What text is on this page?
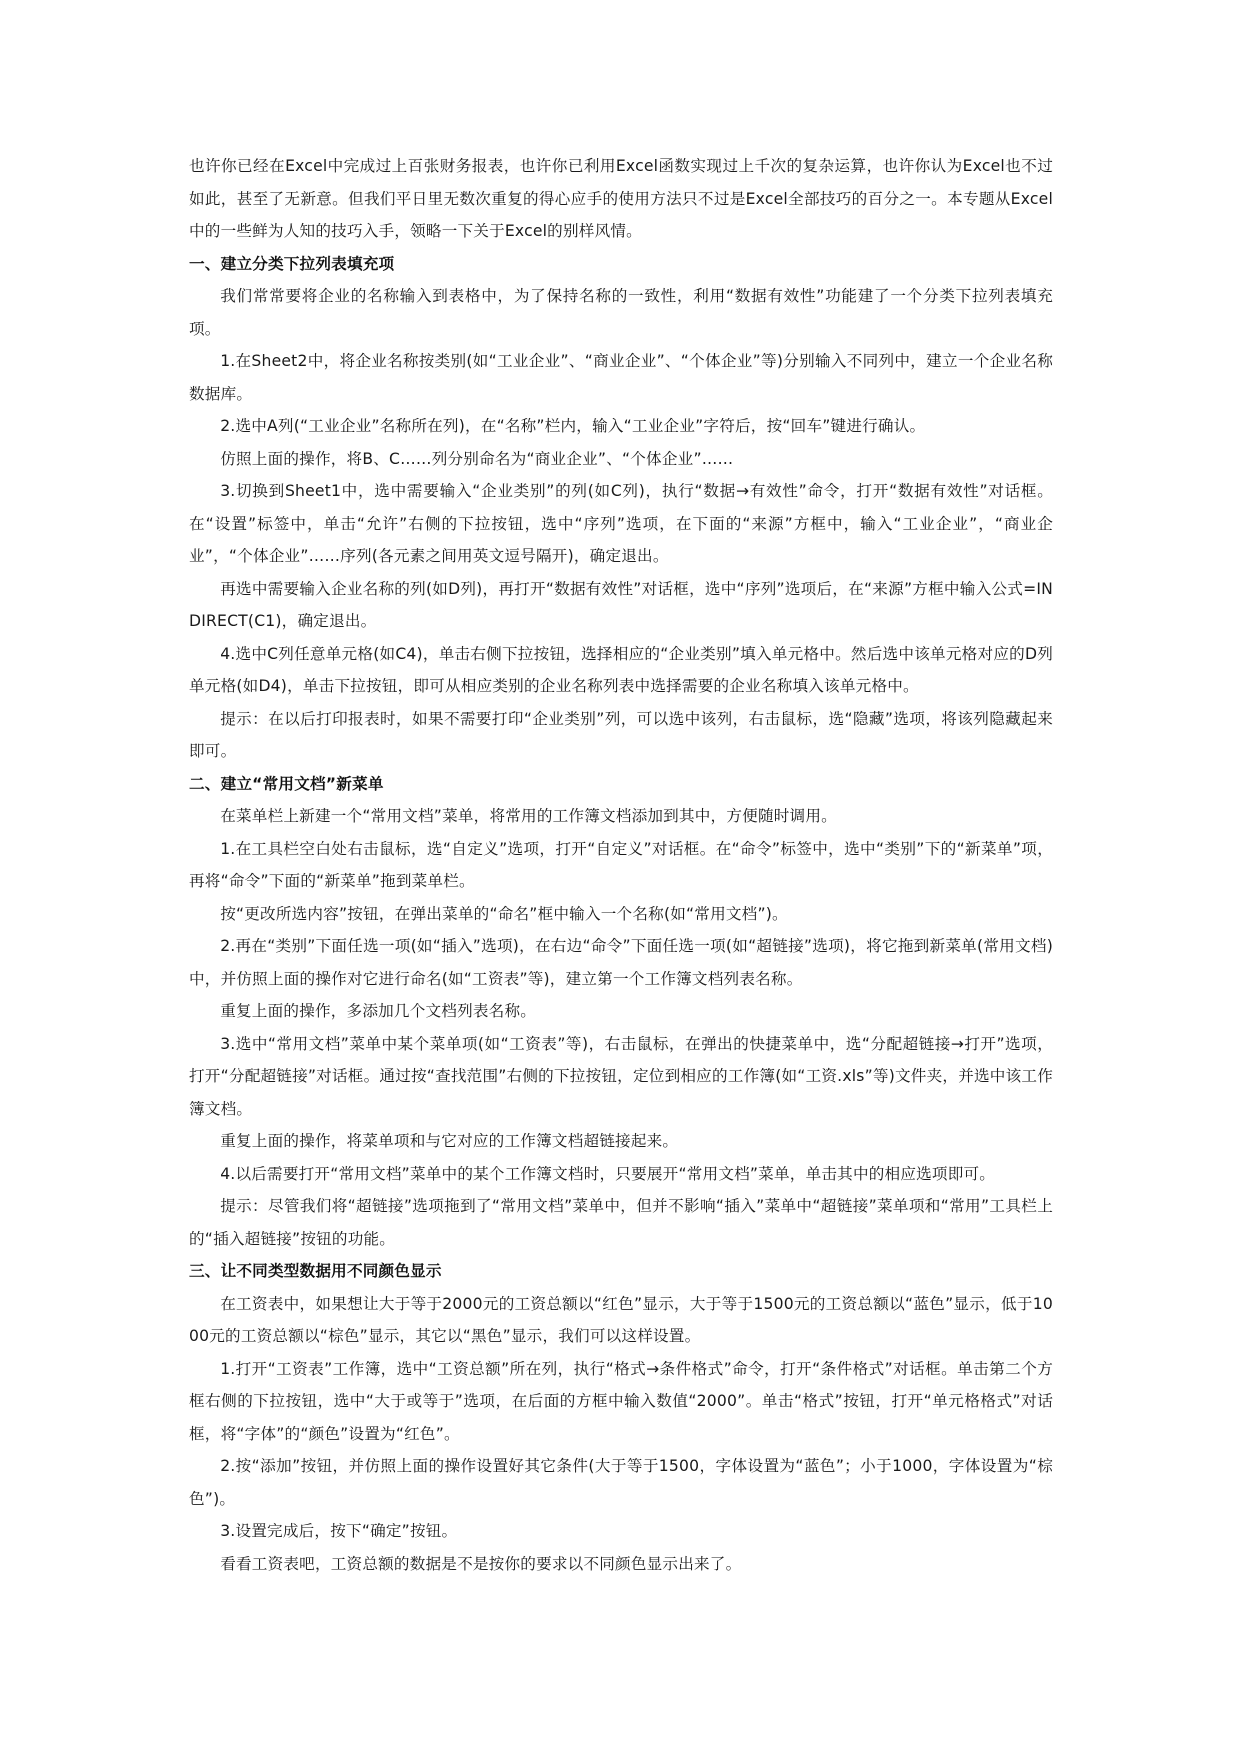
也许你已经在Excel中完成过上百张财务报表，也许你已利用Excel函数实现过上千次的复杂运算，也许你认为Excel也不过如此，甚至了无新意。但我们平日里无数次重复的得心应手的使用方法只不过是Excel全部技巧的百分之一。本专题从Excel中的一些鲜为人知的技巧入手，领略一下关于Excel的别样风情。

一、建立分类下拉列表填充项

我们常常要将企业的名称输入到表格中，为了保持名称的一致性，利用“数据有效性”功能建了一个分类下拉列表填充项。

1.在Sheet2中，将企业名称按类别(如“工业企业”、“商业企业”、“个体企业”等)分别输入不同列中，建立一个企业名称数据库。

2.选中A列(“工业企业”名称所在列)，在“名称”栏内，输入“工业企业”字符后，按“回车”键进行确认。

仿照上面的操作，将B、C……列分别命名为“商业企业”、“个体企业”……

3.切换到Sheet1中，选中需要输入“企业类别”的列(如C列)，执行“数据→有效性”命令，打开“数据有效性”对话框。在“设置”标签中，单击“允许”右侧的下拉按钮，选中“序列”选项，在下面的“来源”方框中，输入“工业企业”，“商业企业”，“个体企业”……序列(各元素之间用英文逗号隔开)，确定退出。

再选中需要输入企业名称的列(如D列)，再打开“数据有效性”对话框，选中“序列”选项后，在“来源”方框中输入公式=INDIRECT(C1)，确定退出。

4.选中C列任意单元格(如C4)，单击右侧下拉按钮，选择相应的“企业类别”填入单元格中。然后选中该单元格对应的D列单元格(如D4)，单击下拉按钮，即可从相应类别的企业名称列表中选择需要的企业名称填入该单元格中。

提示：在以后打印报表时，如果不需要打印“企业类别”列，可以选中该列，右击鼠标，选“隐藏”选项，将该列隐藏起来即可。

二、建立“常用文档”新菜单

在菜单栏上新建一个“常用文档”菜单，将常用的工作簿文档添加到其中，方便随时调用。

1.在工具栏空白处右击鼠标，选“自定义”选项，打开“自定义”对话框。在“命令”标签中，选中“类别”下的“新菜单”项，再将“命令”下面的“新菜单”拖到菜单栏。

按“更改所选内容”按钮，在弹出菜单的“命名”框中输入一个名称(如“常用文档”)。

2.再在“类别”下面任选一项(如“插入”选项)，在右边“命令”下面任选一项(如“超链接”选项)，将它拖到新菜单(常用文档)中，并仿照上面的操作对它进行命名(如“工资表”等)，建立第一个工作簿文档列表名称。

重复上面的操作，多添加几个文档列表名称。

3.选中“常用文档”菜单中某个菜单项(如“工资表”等)，右击鼠标，在弹出的快捷菜单中，选“分配超链接→打开”选项，打开“分配超链接”对话框。通过按“查找范围”右侧的下拉按钮，定位到相应的工作簿(如“工资.xls”等)文件夹，并选中该工作簿文档。

重复上面的操作，将菜单项和与它对应的工作簿文档超链接起来。

4.以后需要打开“常用文档”菜单中的某个工作簿文档时，只要展开“常用文档”菜单，单击其中的相应选项即可。

提示：尽管我们将“超链接”选项拖到了“常用文档”菜单中，但并不影响“插入”菜单中“超链接”菜单项和“常用”工具栏上的“插入超链接”按钮的功能。

三、让不同类型数据用不同颜色显示

在工资表中，如果想让大于等于2000元的工资总额以“红色”显示，大于等于1500元的工资总额以“蓝色”显示，低于1000元的工资总额以“棕色”显示，其它以“黑色”显示，我们可以这样设置。

1.打开“工资表”工作簿，选中“工资总额”所在列，执行“格式→条件格式”命令，打开“条件格式”对话框。单击第二个方框右侧的下拉按钮，选中“大于或等于”选项，在后面的方框中输入数值“2000”。单击“格式”按钮，打开“单元格格式”对话框，将“字体”的“颜色”设置为“红色”。

2.按“添加”按钮，并仿照上面的操作设置好其它条件(大于等于1500，字体设置为“蓝色”；小于1000，字体设置为“棕色”)。

3.设置完成后，按下“确定”按钮。

看看工资表吧，工资总额的数据是不是按你的要求以不同颜色显示出来了。
